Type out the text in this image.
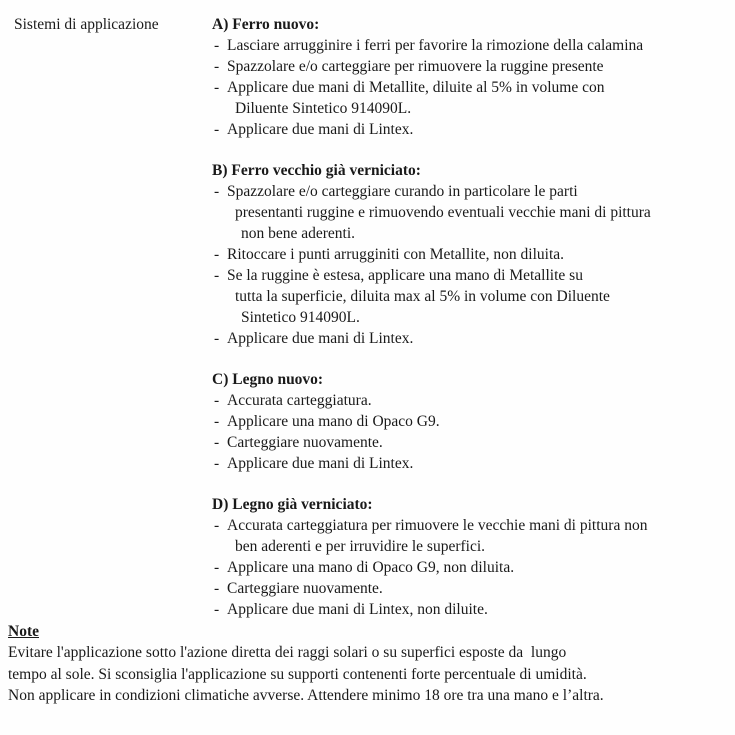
Sistemi di applicazione	A) Ferro nuovo:
- Lasciare arrugginire i ferri per favorire la rimozione della calamina
- Spazzolare e/o carteggiare per rimuovere la ruggine presente
- Applicare due mani di Metallite, diluite al 5% in volume con
Diluente Sintetico 914090L.
- Applicare due mani di Lintex.
B) Ferro vecchio già verniciato:
- Spazzolare e/o carteggiare curando in particolare le parti
presentanti ruggine e rimuovendo eventuali vecchie mani di pittura
non bene aderenti.
- Ritoccare i punti arrugginiti con Metallite, non diluita.
- Se la ruggine è estesa, applicare una mano di Metallite su
tutta la superficie, diluita max al 5% in volume con Diluente
Sintetico 914090L.
- Applicare due mani di Lintex.
C) Legno nuovo:
- Accurata carteggiatura.
- Applicare una mano di Opaco G9.
- Carteggiare nuovamente.
- Applicare due mani di Lintex.
D) Legno già verniciato:
- Accurata carteggiatura per rimuovere le vecchie mani di pittura non
ben aderenti e per irruvidire le superfici.
- Applicare una mano di Opaco G9, non diluita.
- Carteggiare nuovamente.
- Applicare due mani di Lintex, non diluite.
Note
Evitare l'applicazione sotto l'azione diretta dei raggi solari o su superfici esposte da  lungo
tempo al sole. Si sconsiglia l'applicazione su supporti contenenti forte percentuale di umidità.
Non applicare in condizioni climatiche avverse. Attendere minimo 18 ore tra una mano e l’altra.
